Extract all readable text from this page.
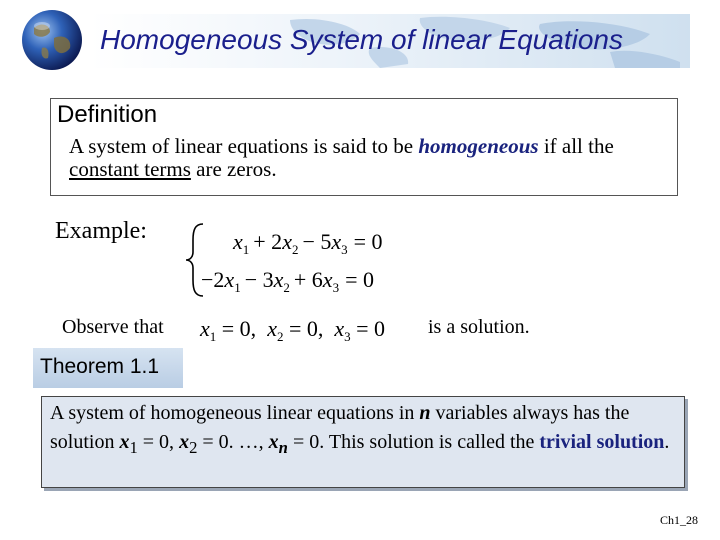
Homogeneous System of linear Equations
Definition
A system of linear equations is said to be homogeneous if all the constant terms are zeros.
Example:	$x_1 + 2x_2 - 5x_3 = 0$
$-2x_1 - 3x_2 + 6x_3 = 0$
Observe that $x_1 = 0$,  $x_2 = 0$,  $x_3 = 0$	is a solution.
Theorem 1.1
A system of homogeneous linear equations in n variables always has the solution $x_1 = 0$, $x_2 = 0$. …, $x_n = 0$. This solution is called the trivial solution.
Ch1_28
